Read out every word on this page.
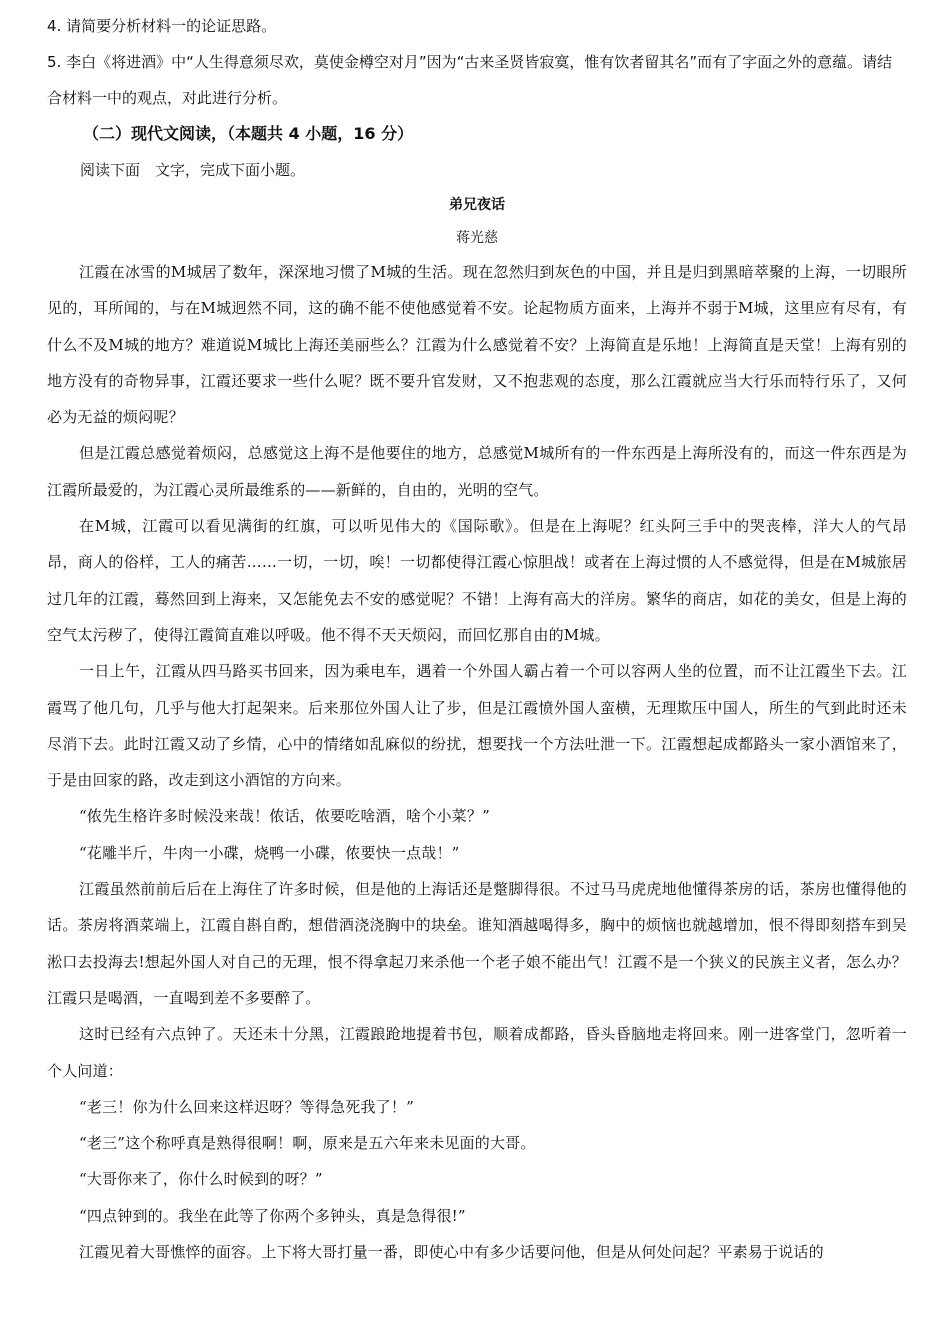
4. 请简要分析材料一的论证思路。

5. 李白《将进酒》中“人生得意须尽欢，莫使金樽空对月”因为“古来圣贤皆寂寞，惟有饮者留其名”而有了字面之外的意蕴。请结合材料一中的观点，对此进行分析。

（二）现代文阅读，（本题共 4 小题，16 分）

阅读下面　文字，完成下面小题。

弟兄夜话

蒋光慈

江霞在冰雪的M城居了数年，深深地习惯了M城的生活。现在忽然归到灰色的中国，并且是归到黑暗萃聚的上海，一切眼所见的，耳所闻的，与在M城迥然不同，这的确不能不使他感觉着不安。论起物质方面来，上海并不弱于M城，这里应有尽有，有什么不及M城的地方？难道说M城比上海还美丽些么？江霞为什么感觉着不安？上海简直是乐地！上海简直是天堂！上海有别的地方没有的奇物异事，江霞还要求一些什么呢？既不要升官发财，又不抱悲观的态度，那么江霞就应当大行乐而特行乐了，又何必为无益的烦闷呢？

但是江霞总感觉着烦闷，总感觉这上海不是他要住的地方，总感觉M城所有的一件东西是上海所没有的，而这一件东西是为江霞所最爱的，为江霞心灵所最维系的——新鲜的，自由的，光明的空气。

在M城，江霞可以看见满街的红旗，可以听见伟大的《国际歌》。但是在上海呢？红头阿三手中的哭丧棒，洋大人的气昂昂，商人的俗样，工人的痛苦……一切，一切，唉！一切都使得江霞心惊胆战！或者在上海过惯的人不感觉得，但是在M城旅居过几年的江霞，蓦然回到上海来，又怎能免去不安的感觉呢？不错！上海有高大的洋房。繁华的商店，如花的美女，但是上海的空气太污秽了，使得江霞简直难以呼吸。他不得不天天烦闷，而回忆那自由的M城。

一日上午，江霞从四马路买书回来，因为乘电车，遇着一个外国人霸占着一个可以容两人坐的位置，而不让江霞坐下去。江霞骂了他几句，几乎与他大打起架来。后来那位外国人让了步，但是江霞愤外国人蛮横，无理欺压中国人，所生的气到此时还未尽消下去。此时江霞又动了乡情，心中的情绪如乱麻似的纷扰，想要找一个方法吐泄一下。江霞想起成都路头一家小酒馆来了，于是由回家的路，改走到这小酒馆的方向来。

“侬先生格许多时候没来哉！侬话，侬要吃啥酒，啥个小菜？”

“花雕半斤，牛肉一小碟，烧鸭一小碟，侬要快一点哉！”

江霞虽然前前后后在上海住了许多时候，但是他的上海话还是蹩脚得很。不过马马虎虎地他懂得茶房的话，茶房也懂得他的话。茶房将酒菜端上，江霞自斟自酌，想借酒浇浇胸中的块垒。谁知酒越喝得多，胸中的烦恼也就越增加，恨不得即刻搭车到吴淞口去投海去!想起外国人对自己的无理，恨不得拿起刀来杀他一个老子娘不能出气！江霞不是一个狭义的民族主义者，怎么办？江霞只是喝酒，一直喝到差不多要醉了。

这时已经有六点钟了。天还未十分黑，江霞踉跄地提着书包，顺着成都路，昏头昏脑地走将回来。刚一进客堂门，忽听着一个人问道：

“老三！你为什么回来这样迟呀？等得急死我了！”

“老三”这个称呼真是熟得很啊！啊，原来是五六年来未见面的大哥。

“大哥你来了，你什么时候到的呀？”

“四点钟到的。我坐在此等了你两个多钟头，真是急得很!”

江霞见着大哥憔悴的面容。上下将大哥打量一番，即使心中有多少话要问他，但是从何处问起？平素易于说话的
